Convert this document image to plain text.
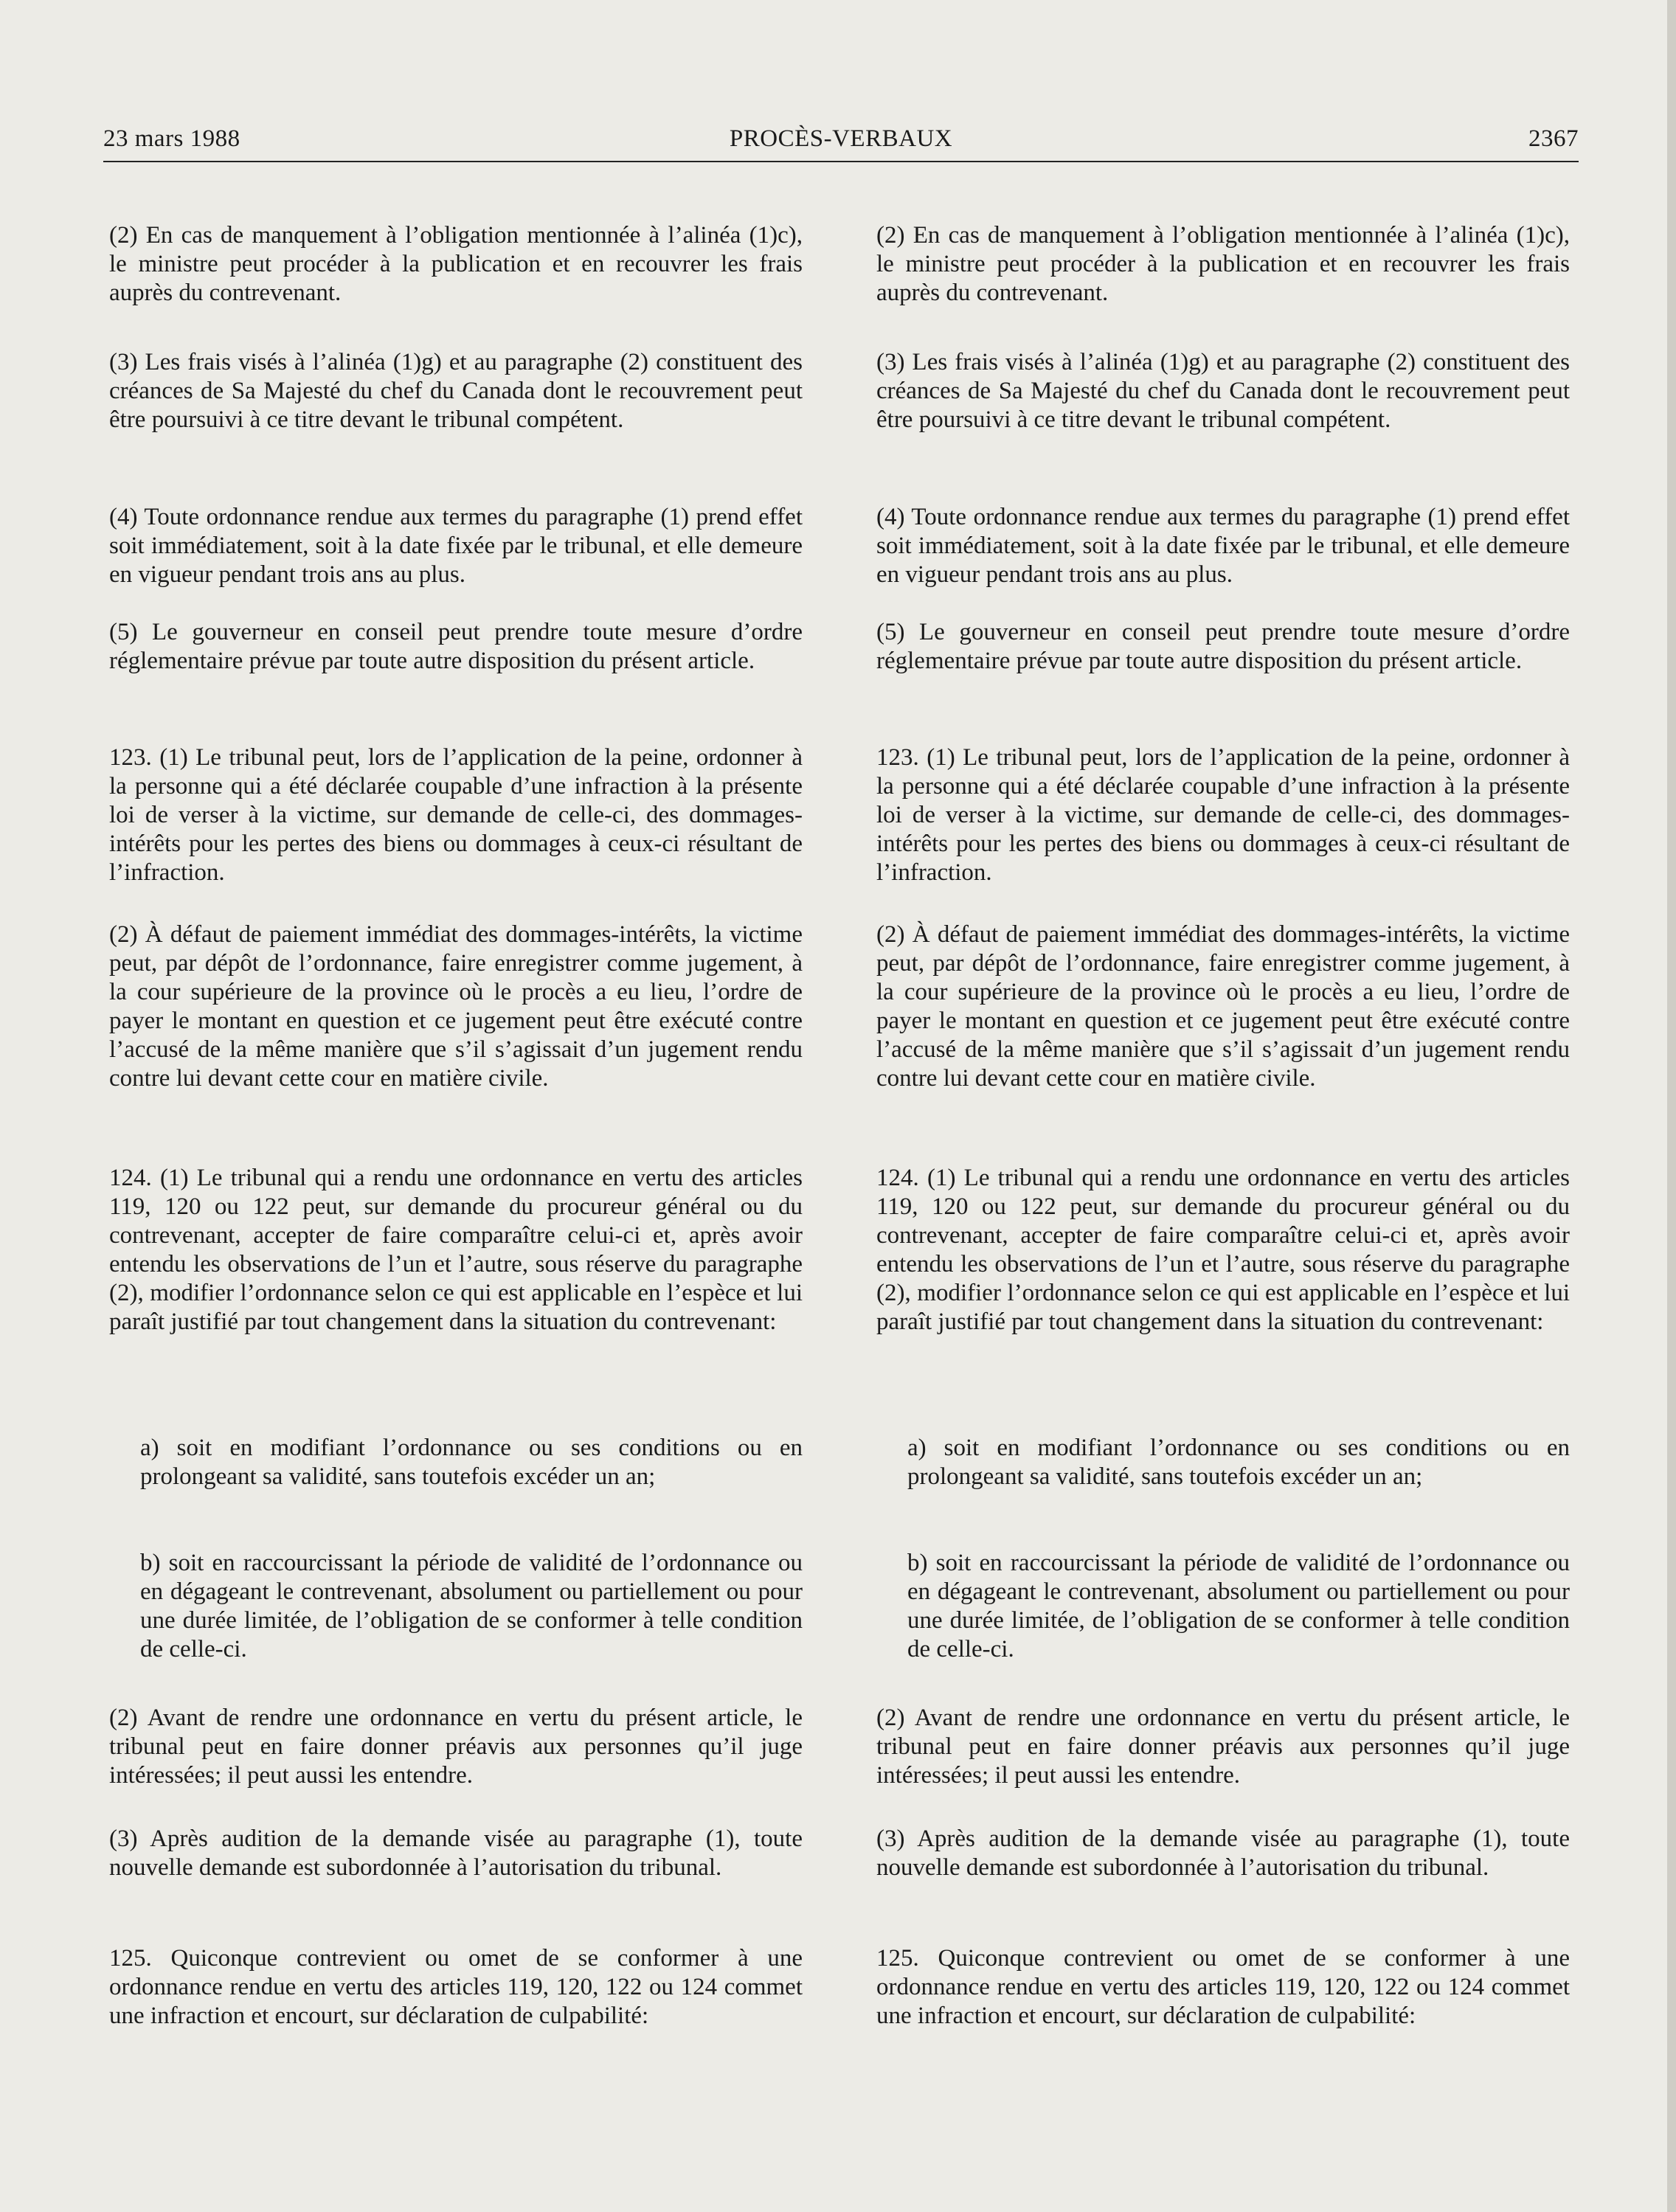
23 mars 1988	PROCÈS-VERBAUX	2367

(2) En cas de manquement à l’obligation mentionnée à l’alinéa (1)c), le ministre peut procéder à la publication et en recouvrer les frais auprès du contrevenant.

(3) Les frais visés à l’alinéa (1)g) et au paragraphe (2) constituent des créances de Sa Majesté du chef du Canada dont le recouvrement peut être poursuivi à ce titre devant le tribunal compétent.

(4) Toute ordonnance rendue aux termes du paragraphe (1) prend effet soit immédiatement, soit à la date fixée par le tribunal, et elle demeure en vigueur pendant trois ans au plus.

(5) Le gouverneur en conseil peut prendre toute mesure d’ordre réglementaire prévue par toute autre disposition du présent article.

123. (1) Le tribunal peut, lors de l’application de la peine, ordonner à la personne qui a été déclarée coupable d’une infraction à la présente loi de verser à la victime, sur demande de celle-ci, des dommages-intérêts pour les pertes des biens ou dommages à ceux-ci résultant de l’infraction.

(2) À défaut de paiement immédiat des dommages-intérêts, la victime peut, par dépôt de l’ordonnance, faire enregistrer comme jugement, à la cour supérieure de la province où le procès a eu lieu, l’ordre de payer le montant en question et ce jugement peut être exécuté contre l’accusé de la même manière que s’il s’agissait d’un jugement rendu contre lui devant cette cour en matière civile.

124. (1) Le tribunal qui a rendu une ordonnance en vertu des articles 119, 120 ou 122 peut, sur demande du procureur général ou du contrevenant, accepter de faire comparaître celui-ci et, après avoir entendu les observations de l’un et l’autre, sous réserve du paragraphe (2), modifier l’ordonnance selon ce qui est applicable en l’espèce et lui paraît justifié par tout changement dans la situation du contrevenant:

a) soit en modifiant l’ordonnance ou ses conditions ou en prolongeant sa validité, sans toutefois excéder un an;

b) soit en raccourcissant la période de validité de l’ordonnance ou en dégageant le contrevenant, absolument ou partiellement ou pour une durée limitée, de l’obligation de se conformer à telle condition de celle-ci.

(2) Avant de rendre une ordonnance en vertu du présent article, le tribunal peut en faire donner préavis aux personnes qu’il juge intéressées; il peut aussi les entendre.

(3) Après audition de la demande visée au paragraphe (1), toute nouvelle demande est subordonnée à l’autorisation du tribunal.

125. Quiconque contrevient ou omet de se conformer à une ordonnance rendue en vertu des articles 119, 120, 122 ou 124 commet une infraction et encourt, sur déclaration de culpabilité:

(2) En cas de manquement à l’obligation mentionnée à l’alinéa (1)c), le ministre peut procéder à la publication et en recouvrer les frais auprès du contrevenant.

(3) Les frais visés à l’alinéa (1)g) et au paragraphe (2) constituent des créances de Sa Majesté du chef du Canada dont le recouvrement peut être poursuivi à ce titre devant le tribunal compétent.

(4) Toute ordonnance rendue aux termes du paragraphe (1) prend effet soit immédiatement, soit à la date fixée par le tribunal, et elle demeure en vigueur pendant trois ans au plus.

(5) Le gouverneur en conseil peut prendre toute mesure d’ordre réglementaire prévue par toute autre disposition du présent article.

123. (1) Le tribunal peut, lors de l’application de la peine, ordonner à la personne qui a été déclarée coupable d’une infraction à la présente loi de verser à la victime, sur demande de celle-ci, des dommages-intérêts pour les pertes des biens ou dommages à ceux-ci résultant de l’infraction.

(2) À défaut de paiement immédiat des dommages-intérêts, la victime peut, par dépôt de l’ordonnance, faire enregistrer comme jugement, à la cour supérieure de la province où le procès a eu lieu, l’ordre de payer le montant en question et ce jugement peut être exécuté contre l’accusé de la même manière que s’il s’agissait d’un jugement rendu contre lui devant cette cour en matière civile.

124. (1) Le tribunal qui a rendu une ordonnance en vertu des articles 119, 120 ou 122 peut, sur demande du procureur général ou du contrevenant, accepter de faire comparaître celui-ci et, après avoir entendu les observations de l’un et l’autre, sous réserve du paragraphe (2), modifier l’ordonnance selon ce qui est applicable en l’espèce et lui paraît justifié par tout changement dans la situation du contrevenant:

a) soit en modifiant l’ordonnance ou ses conditions ou en prolongeant sa validité, sans toutefois excéder un an;

b) soit en raccourcissant la période de validité de l’ordonnance ou en dégageant le contrevenant, absolument ou partiellement ou pour une durée limitée, de l’obligation de se conformer à telle condition de celle-ci.

(2) Avant de rendre une ordonnance en vertu du présent article, le tribunal peut en faire donner préavis aux personnes qu’il juge intéressées; il peut aussi les entendre.

(3) Après audition de la demande visée au paragraphe (1), toute nouvelle demande est subordonnée à l’autorisation du tribunal.

125. Quiconque contrevient ou omet de se conformer à une ordonnance rendue en vertu des articles 119, 120, 122 ou 124 commet une infraction et encourt, sur déclaration de culpabilité:
